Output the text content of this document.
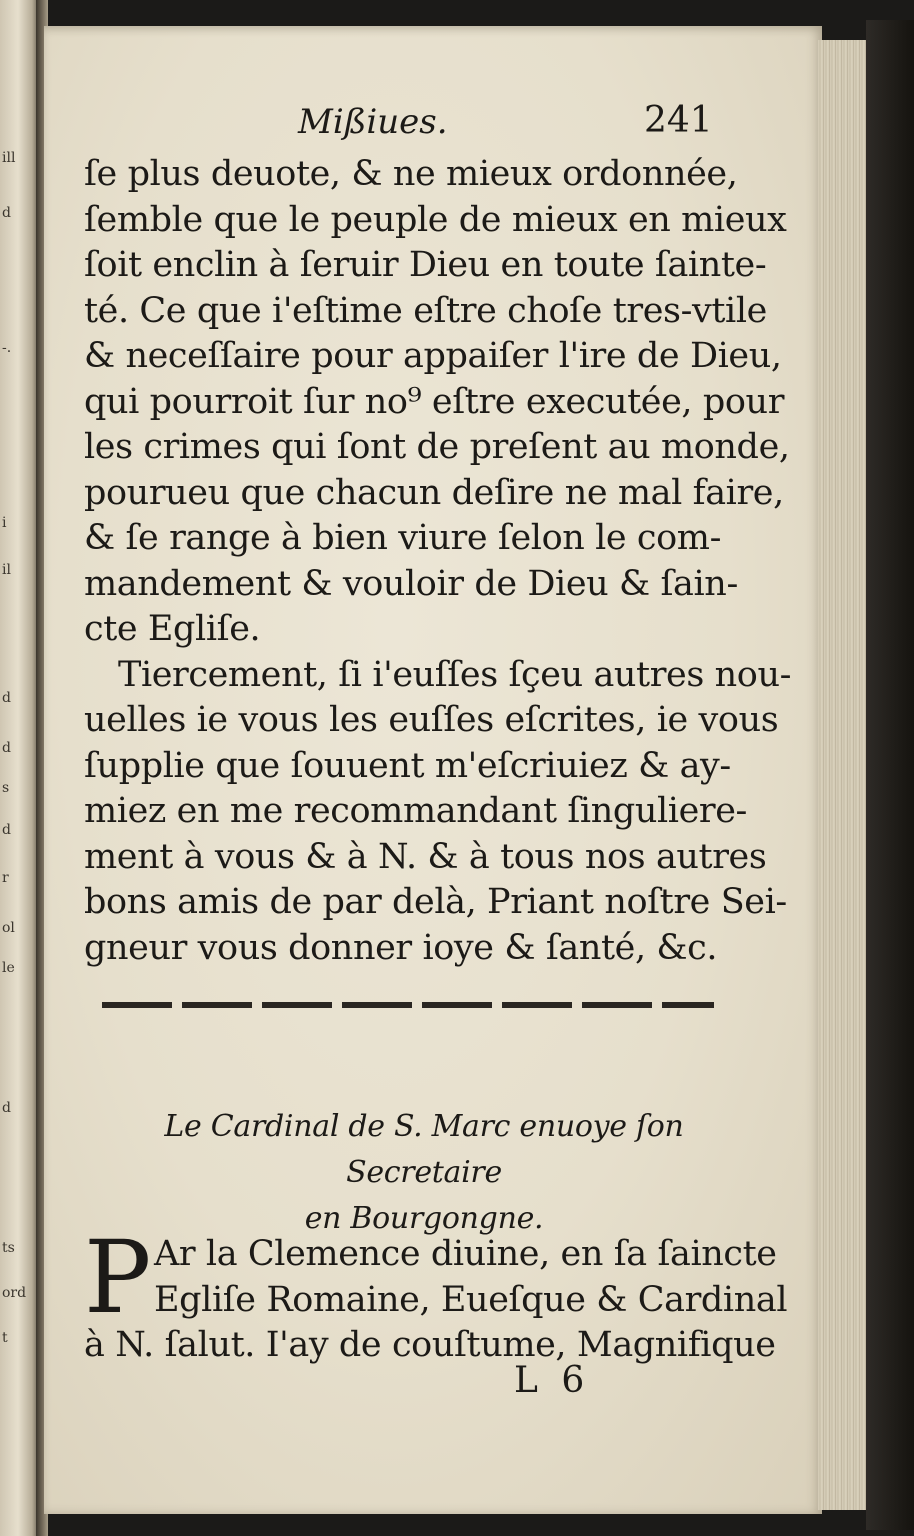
ill
d
-.
i
il
d
d
s
d
r
ol
le
d
ts
ord
t
Mißiues.	241
ſe plus deuote, & ne mieux ordonnée,
ſemble que le peuple de mieux en mieux
ſoit enclin à ſeruir Dieu en toute ſainte-
té. Ce que i'eſtime eſtre choſe tres-vtile
& neceſſaire pour appaiſer l'ire de Dieu,
qui pourroit ſur no⁹ eſtre executée, pour
les crimes qui ſont de preſent au monde,
pourueu que chacun deſire ne mal faire,
& ſe range à bien viure ſelon le com-
mandement & vouloir de Dieu & ſain-
cte Egliſe.
Tiercement, ſi i'euſſes ſçeu autres nou-
uelles ie vous les euſſes eſcrites, ie vous
ſupplie que ſouuent m'eſcriuiez & ay-
miez en me recommandant ſinguliere-
ment à vous & à N. & à tous nos autres
bons amis de par delà, Priant noſtre Sei-
gneur vous donner ioye & ſanté, &c.
Le Cardinal de S. Marc enuoye ſon Secretaire
en Bourgongne.
P Ar la Clemence diuine, en ſa ſaincte
Egliſe Romaine, Eueſque & Cardinal
à N. ſalut. I'ay de couſtume, Magnifique
L 6
